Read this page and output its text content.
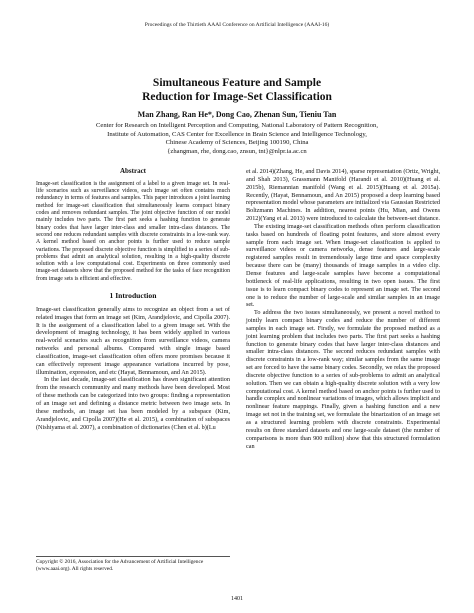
Proceedings of the Thirtieth AAAI Conference on Artificial Intelligence (AAAI-16)
Simultaneous Feature and Sample
Reduction for Image-Set Classification
Man Zhang, Ran He*, Dong Cao, Zhenan Sun, Tieniu Tan
Center for Research on Intelligent Perception and Computing, National Laboratory of Pattern Recognition,
Institute of Automation, CAS Center for Excellence in Brain Science and Intelligence Technology,
Chinese Academy of Sciences, Beijing 100190, China
{zhangman, rhe, dong.cao, znsun, tnt}@nlpr.ia.ac.cn
Abstract

Image-set classification is the assignment of a label to a given image set. In real-life scenarios such as surveillance videos, each image set often contains much redundancy in terms of features and samples. This paper introduces a joint learning method for image-set classification that simultaneously learns compact binary codes and removes redundant samples. The joint objective function of our model mainly includes two parts. The first part seeks a hashing function to generate binary codes that have larger inter-class and smaller intra-class distances. The second one reduces redundant samples with discrete constraints in a low-rank way. A kernel method based on anchor points is further used to reduce sample variations. The proposed discrete objective function is simplified to a series of sub-problems that admit an analytical solution, resulting in a high-quality discrete solution with a low computational cost. Experiments on three commonly used image-set datasets show that the proposed method for the tasks of face recognition from image sets is efficient and effective.

1 Introduction

Image-set classification generally aims to recognize an object from a set of related images that form an image set (Kim, Arandjelovic, and Cipolla 2007). It is the assignment of a classification label to a given image set. With the development of imaging technology, it has been widely applied in various real-world scenarios such as recognition from surveillance videos, camera networks and personal albums. Compared with single image based classification, image-set classification often offers more promises because it can effectively represent image appearance variations incurred by pose, illumination, expression, and etc (Hayat, Bennamoun, and An 2015).

In the last decade, image-set classification has drawn significant attention from the research community and many methods have been developed. Most of these methods can be categorized into two groups: finding a representation of an image set and defining a distance metric between two image sets. In these methods, an image set has been modeled by a subspace (Kim, Arandjelovic, and Cipolla 2007)(He et al. 2015), a combination of subspaces (Nishiyama et al. 2007), a combination of dictionaries (Chen et al. b)(Lu

et al. 2014)(Zhang, He, and Davis 2014), sparse representation (Ortiz, Wright, and Shah 2013), Grassmann Manifold (Harandi et al. 2010)(Huang et al. 2015b), Riemannian manifold (Wang et al. 2015)(Huang et al. 2015a). Recently, (Hayat, Bennamoun, and An 2015) proposed a deep learning based representation model whose parameters are initialized via Gaussian Restricted Boltzmann Machines. In addition, nearest points (Hu, Mian, and Owens 2012)(Yang et al. 2013) were introduced to calculate the between-set distance.

The existing image-set classification methods often perform classification tasks based on hundreds of floating point features, and store almost every sample from each image set. When image-set classification is applied to surveillance videos or camera networks, dense features and large-scale registered samples result in tremendously large time and space complexity because there can be (many) thousands of image samples in a video clip. Dense features and large-scale samples have become a computational bottleneck of real-life applications, resulting in two open issues. The first issue is to learn compact binary codes to represent an image set. The second one is to reduce the number of large-scale and similar samples in an image set.

To address the two issues simultaneously, we present a novel method to jointly learn compact binary codes and reduce the number of different samples in each image set. Firstly, we formulate the proposed method as a joint learning problem that includes two parts. The first part seeks a hashing function to generate binary codes that have larger inter-class distances and smaller intra-class distances. The second reduces redundant samples with discrete constraints in a low-rank way; similar samples from the same image set are forced to have the same binary codes. Secondly, we relax the proposed discrete objective function to a series of sub-problems to admit an analytical solution. Then we can obtain a high-quality discrete solution with a very low computational cost. A kernel method based on anchor points is further used to handle complex and nonlinear variations of images, which allows implicit and nonlinear feature mappings. Finally, given a hashing function and a new image set not in the training set, we formulate the binarization of an image set as a structured learning problem with discrete constraints. Experimental results on three standard datasets and one large-scale dataset (the number of comparisons is more than 900 million) show that this structured formulation can

Copyright © 2016, Association for the Advancement of Artificial Intelligence (www.aaai.org). All rights reserved.
1401
